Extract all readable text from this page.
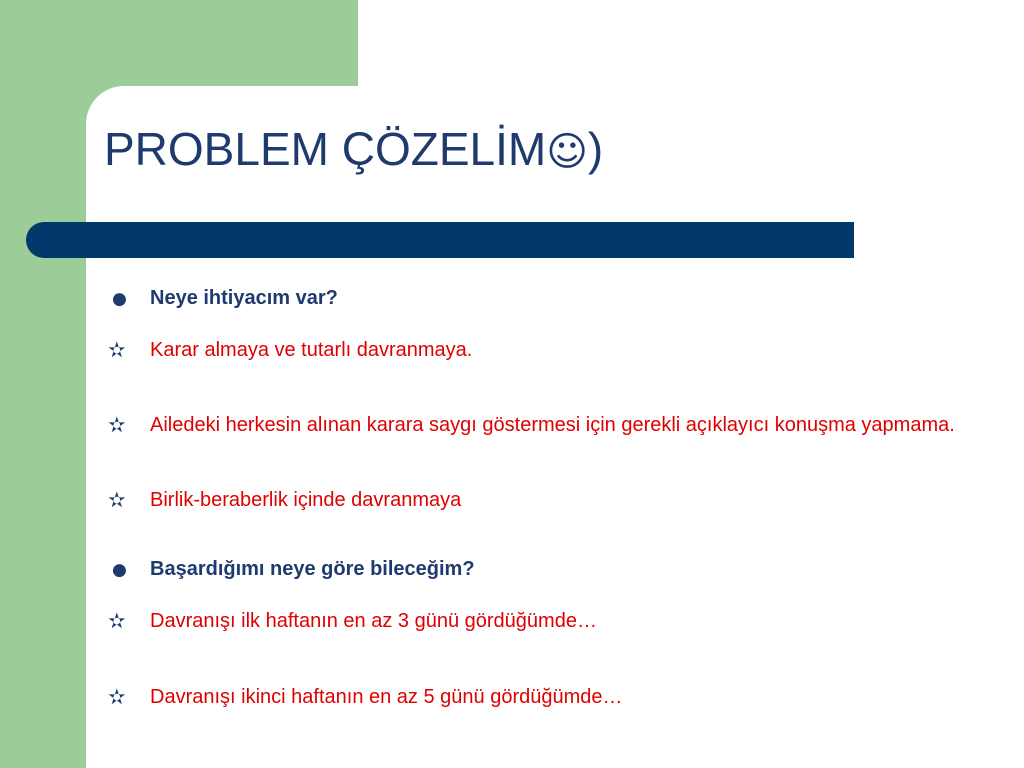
PROBLEM ÇÖZELİM☺)
●	Neye ihtiyacım var?
✫	Karar almaya ve tutarlı davranmaya.
✫	Ailedeki herkesin alınan karara saygı göstermesi için gerekli açıklayıcı konuşma yapmama.
✫	Birlik-beraberlik içinde davranmaya
●	Başardığımı neye göre bileceğim?
✫	Davranışı ilk haftanın en az 3 günü gördüğümde…
✫	Davranışı ikinci haftanın en az 5 günü gördüğümde…
